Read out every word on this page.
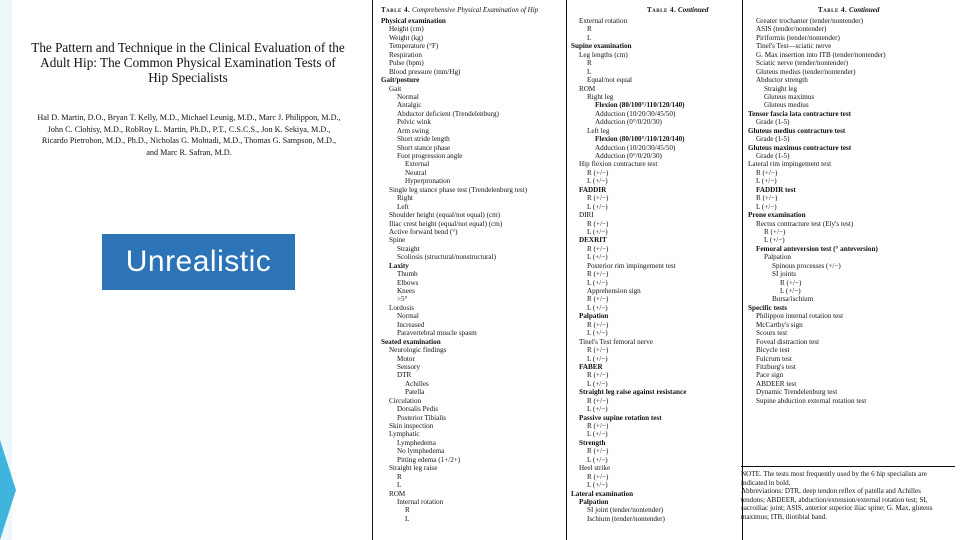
The Pattern and Technique in the Clinical Evaluation of the
Adult Hip: The Common Physical Examination Tests of
Hip Specialists
Hal D. Martin, D.O., Bryan T. Kelly, M.D., Michael Leunig, M.D., Marc J. Philippon, M.D.,
John C. Clohisy, M.D., RobRoy L. Martin, Ph.D., P.T., C.S.C.S., Jon K. Sekiya, M.D.,
Ricardo Pietrobon, M.D., Ph.D., Nicholas G. Mohtadi, M.D., Thomas G. Sampson, M.D.,
and Marc R. Safran, M.D.
Unrealistic
Table 4. Comprehensive Physical Examination of Hip
Physical examination
Height (cm)
Weight (kg)
Temperature (°F)
Respiration
Pulse (bpm)
Blood pressure (mm/Hg)
Gait/posture
Gait
Normal
Antalgic
Abductor deficient (Trendelenburg)
Pelvic wink
Arm swing
Short stride length
Short stance phase
Foot progression angle
External
Neutral
Hyperpronation
Single leg stance phase test (Trendelenburg test)
Right
Left
Shoulder height (equal/not equal) (cm)
Iliac crest height (equal/not equal) (cm)
Active forward bend (°)
Spine
Straight
Scoliosis (structural/nonstructural)
Laxity
Thumb
Elbows
Knees
>5°
Lordosis
Normal
Increased
Paravertebral muscle spasm
Seated examination
Neurologic findings
Motor
Sensory
DTR
Achilles
Patella
Circulation
Dorsalis Pedis
Posterior Tibialis
Skin inspection
Lymphatic
Lymphedema
No lymphedema
Pitting edema (1+/2+)
Straight leg raise
R
L
ROM
Internal rotation
R
L
Table 4. Continued
External rotation
R
L
Supine examination
Leg lengths (cm)
R
L
Equal/not equal
ROM
Right leg
Flexion (80/100°/110/120/140)
Adduction (10/20/30/45/50)
Adduction (0°/0/20/30)
Left leg
Flexion (80/100°/110/120/140)
Adduction (10/20/30/45/50)
Adduction (0°/0/20/30)
Hip flexion contracture test
R (+/−)
L (+/−)
FADDIR
R (+/−)
L (+/−)
DIRI
R (+/−)
L (+/−)
DEXRIT
R (+/−)
L (+/−)
Posterior rim impingement test
R (+/−)
L (+/−)
Apprehension sign
R (+/−)
L (+/−)
Palpation
R (+/−)
L (+/−)
Tinel's Test femoral nerve
R (+/−)
L (+/−)
FABER
R (+/−)
L (+/−)
Straight leg raise against resistance
R (+/−)
L (+/−)
Passive supine rotation test
R (+/−)
L (+/−)
Strength
R (+/−)
L (+/−)
Heel strike
R (+/−)
L (+/−)
Lateral examination
Palpation
SI joint (tender/nontender)
Ischium (tender/nontender)
Table 4. Continued
Greater trochanter (tender/nontender)
ASIS (tender/nontender)
Piriformis (tender/nontender)
Tinel's Test—sciatic nerve
G. Max insertion into ITB (tender/nontender)
Sciatic nerve (tender/nontender)
Gluteus medius (tender/nontender)
Abductor strength
Straight leg
Gluteus maximus
Gluteus medius
Tensor fascia lata contracture test
Grade (1-5)
Gluteus medius contracture test
Grade (1-5)
Gluteus maximus contracture test
Grade (1-5)
Lateral rim impingement test
R (+/−)
L (+/−)
FADDIR test
R (+/−)
L (+/−)
Prone examination
Rectus contracture test (Ely's test)
R (+/−)
L (+/−)
Femoral anteversion test (° anteversion)
Palpation
Spinous processes (+/−)
SI joints
R (+/−)
L (+/−)
Bursa/ischium
Specific tests
Philippon internal rotation test
McCarthy's sign
Scours test
Foveal distraction test
Bicycle test
Fulcrum test
Fitzburg's test
Pace sign
ABDEER test
Dynamic Trendelenburg test
Supine abduction external rotation test
NOTE. The tests most frequently used by the 6 hip specialists are
indicated in bold.
Abbreviations: DTR, deep tendon reflex of patella and Achilles
tendons; ABDEER, abduction/extension/external rotation test; SI,
sacroiliac joint; ASIS, anterior superior iliac spine; G. Max, gluteus
maximus; ITB, iliotibial band.
